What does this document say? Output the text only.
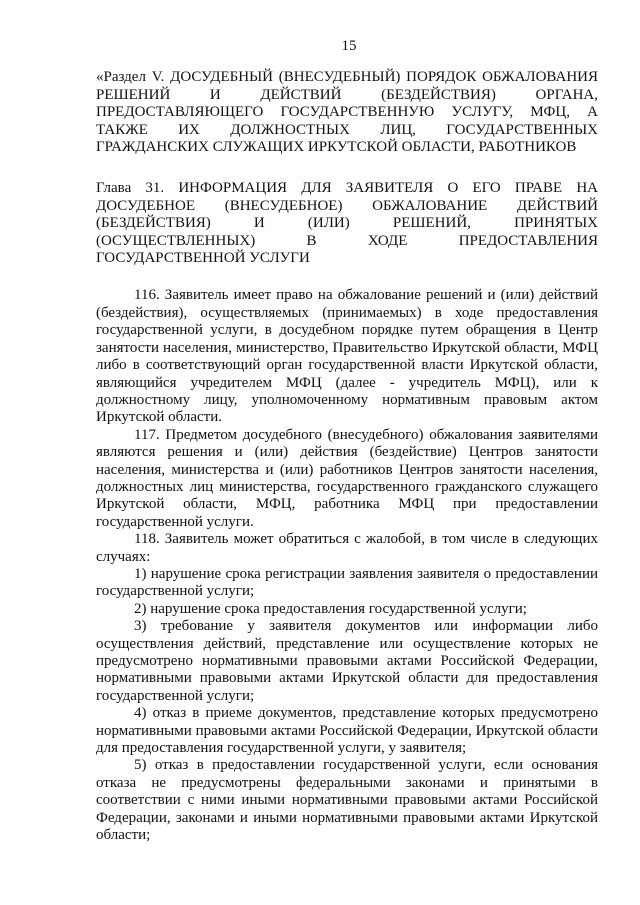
15

«Раздел V. ДОСУДЕБНЫЙ (ВНЕСУДЕБНЫЙ) ПОРЯДОК ОБЖАЛОВАНИЯ РЕШЕНИЙ И ДЕЙСТВИЙ (БЕЗДЕЙСТВИЯ) ОРГАНА, ПРЕДОСТАВЛЯЮЩЕГО ГОСУДАРСТВЕННУЮ УСЛУГУ, МФЦ, А ТАКЖЕ ИХ ДОЛЖНОСТНЫХ ЛИЦ, ГОСУДАРСТВЕННЫХ ГРАЖДАНСКИХ СЛУЖАЩИХ ИРКУТСКОЙ ОБЛАСТИ, РАБОТНИКОВ

Глава 31. ИНФОРМАЦИЯ ДЛЯ ЗАЯВИТЕЛЯ О ЕГО ПРАВЕ НА ДОСУДЕБНОЕ (ВНЕСУДЕБНОЕ) ОБЖАЛОВАНИЕ ДЕЙСТВИЙ (БЕЗДЕЙСТВИЯ) И (ИЛИ) РЕШЕНИЙ, ПРИНЯТЫХ (ОСУЩЕСТВЛЕННЫХ) В ХОДЕ ПРЕДОСТАВЛЕНИЯ ГОСУДАРСТВЕННОЙ УСЛУГИ

116. Заявитель имеет право на обжалование решений и (или) действий (бездействия), осуществляемых (принимаемых) в ходе предоставления государственной услуги, в досудебном порядке путем обращения в Центр занятости населения, министерство, Правительство Иркутской области, МФЦ либо в соответствующий орган государственной власти Иркутской области, являющийся учредителем МФЦ (далее - учредитель МФЦ), или к должностному лицу, уполномоченному нормативным правовым актом Иркутской области.

117. Предметом досудебного (внесудебного) обжалования заявителями являются решения и (или) действия (бездействие) Центров занятости населения, министерства и (или) работников Центров занятости населения, должностных лиц министерства, государственного гражданского служащего Иркутской области, МФЦ, работника МФЦ при предоставлении государственной услуги.

118. Заявитель может обратиться с жалобой, в том числе в следующих случаях:

1) нарушение срока регистрации заявления заявителя о предоставлении государственной услуги;

2) нарушение срока предоставления государственной услуги;

3) требование у заявителя документов или информации либо осуществления действий, представление или осуществление которых не предусмотрено нормативными правовыми актами Российской Федерации, нормативными правовыми актами Иркутской области для предоставления государственной услуги;

4) отказ в приеме документов, представление которых предусмотрено нормативными правовыми актами Российской Федерации, Иркутской области для предоставления государственной услуги, у заявителя;

5) отказ в предоставлении государственной услуги, если основания отказа не предусмотрены федеральными законами и принятыми в соответствии с ними иными нормативными правовыми актами Российской Федерации, законами и иными нормативными правовыми актами Иркутской области;
